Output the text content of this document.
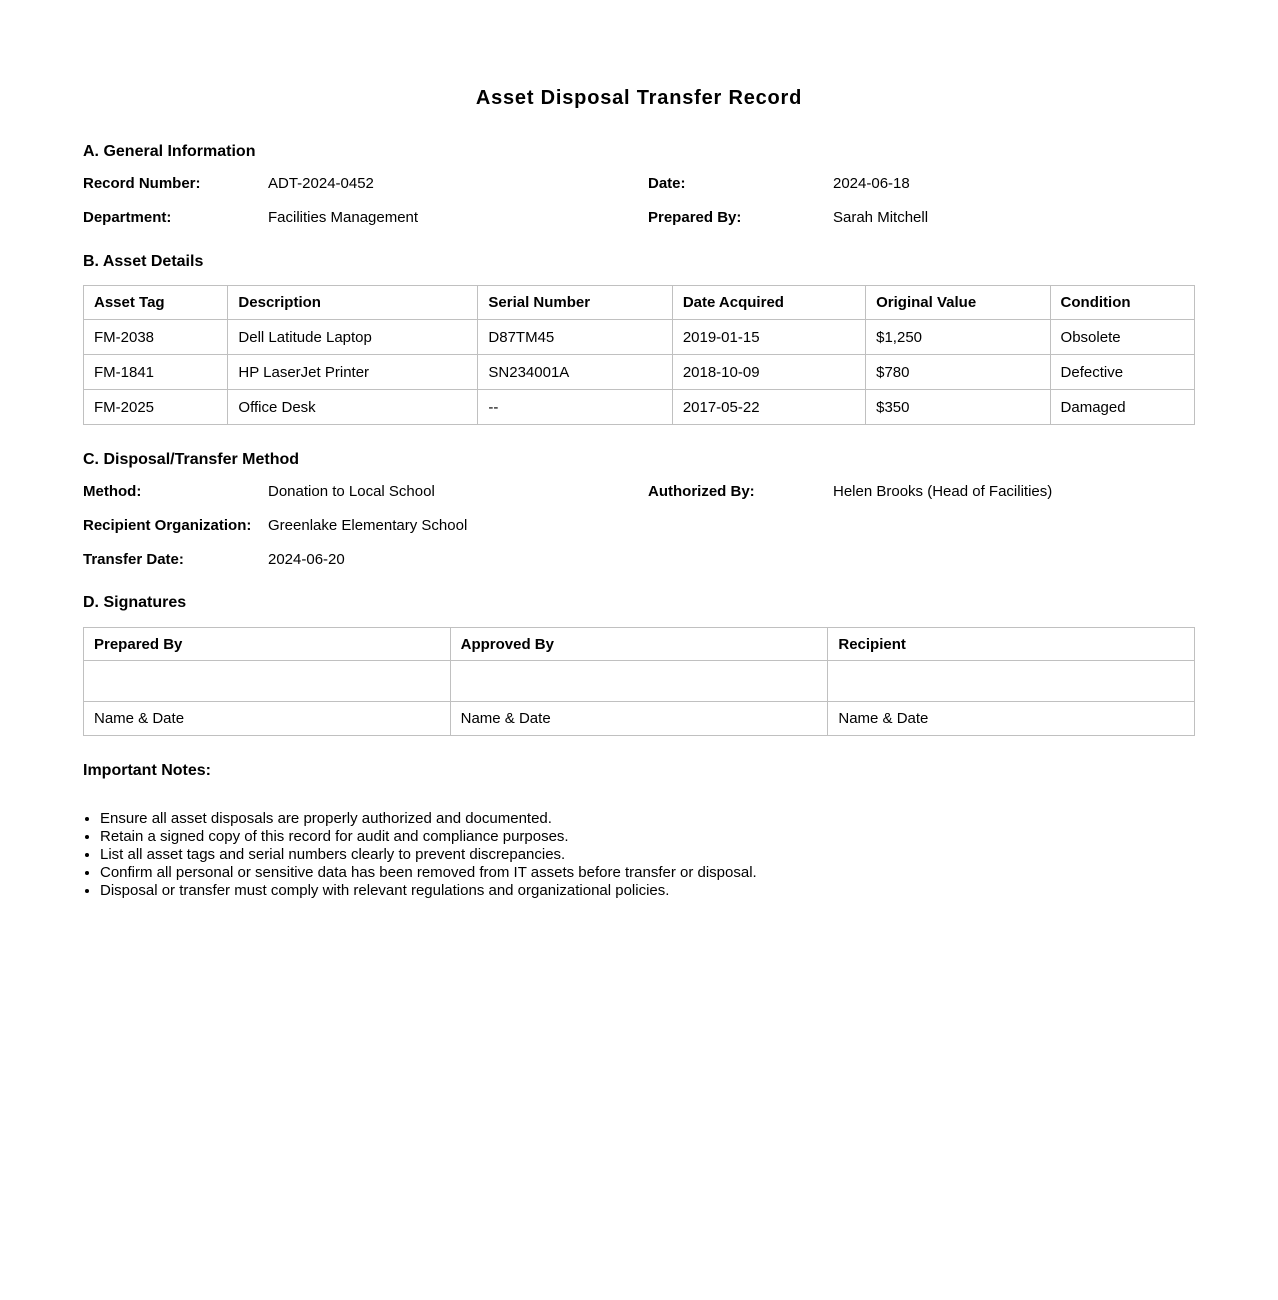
Asset Disposal Transfer Record
A. General Information
Record Number:	ADT-2024-0452	Date:	2024-06-18
Department:	Facilities Management	Prepared By:	Sarah Mitchell
B. Asset Details
Asset Tag	Description	Serial Number	Date Acquired	Original Value	Condition
FM-2038	Dell Latitude Laptop	D87TM45	2019-01-15	$1,250	Obsolete
FM-1841	HP LaserJet Printer	SN234001A	2018-10-09	$780	Defective
FM-2025	Office Desk	--	2017-05-22	$350	Damaged
C. Disposal/Transfer Method
Method:	Donation to Local School	Authorized By:	Helen Brooks (Head of Facilities)
Recipient Organization:	Greenlake Elementary School
Transfer Date:	2024-06-20
D. Signatures
Prepared By	Approved By	Recipient

Name & Date	Name & Date	Name & Date
Important Notes:
• Ensure all asset disposals are properly authorized and documented.
• Retain a signed copy of this record for audit and compliance purposes.
• List all asset tags and serial numbers clearly to prevent discrepancies.
• Confirm all personal or sensitive data has been removed from IT assets before transfer or disposal.
• Disposal or transfer must comply with relevant regulations and organizational policies.
